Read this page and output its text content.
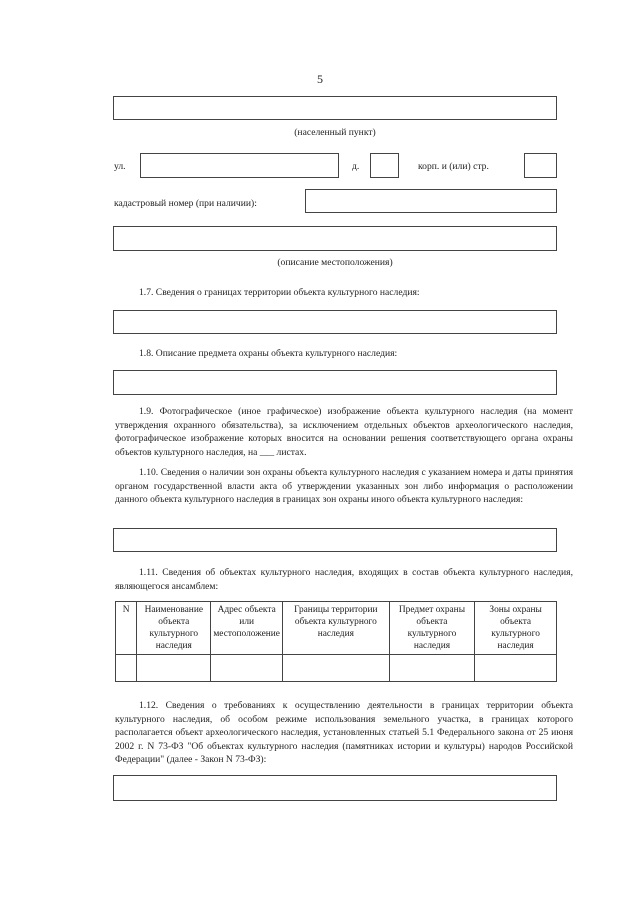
5
(населенный пункт)
ул.	д.	корп. и (или) стр.
кадастровый номер (при наличии):
(описание местоположения)
1.7. Сведения о границах территории объекта культурного наследия:
1.8. Описание предмета охраны объекта культурного наследия:
1.9. Фотографическое (иное графическое) изображение объекта культурного наследия (на момент утверждения охранного обязательства), за исключением отдельных объектов археологического наследия, фотографическое изображение которых вносится на основании решения соответствующего органа охраны объектов культурного наследия, на ___ листах.
1.10. Сведения о наличии зон охраны объекта культурного наследия с указанием номера и даты принятия органом государственной власти акта об утверждении указанных зон либо информация о расположении данного объекта культурного наследия в границах зон охраны иного объекта культурного наследия:
1.11. Сведения об объектах культурного наследия, входящих в состав объекта культурного наследия, являющегося ансамблем:
N	Наименование объекта культурного наследия	Адрес объекта или местоположение	Границы территории объекта культурного наследия	Предмет охраны объекта культурного наследия	Зоны охраны объекта культурного наследия

1.12. Сведения о требованиях к осуществлению деятельности в границах территории объекта культурного наследия, об особом режиме использования земельного участка, в границах которого располагается объект археологического наследия, установленных статьей 5.1 Федерального закона от 25 июня 2002 г. N 73-ФЗ "Об объектах культурного наследия (памятниках истории и культуры) народов Российской Федерации" (далее - Закон N 73-ФЗ):
